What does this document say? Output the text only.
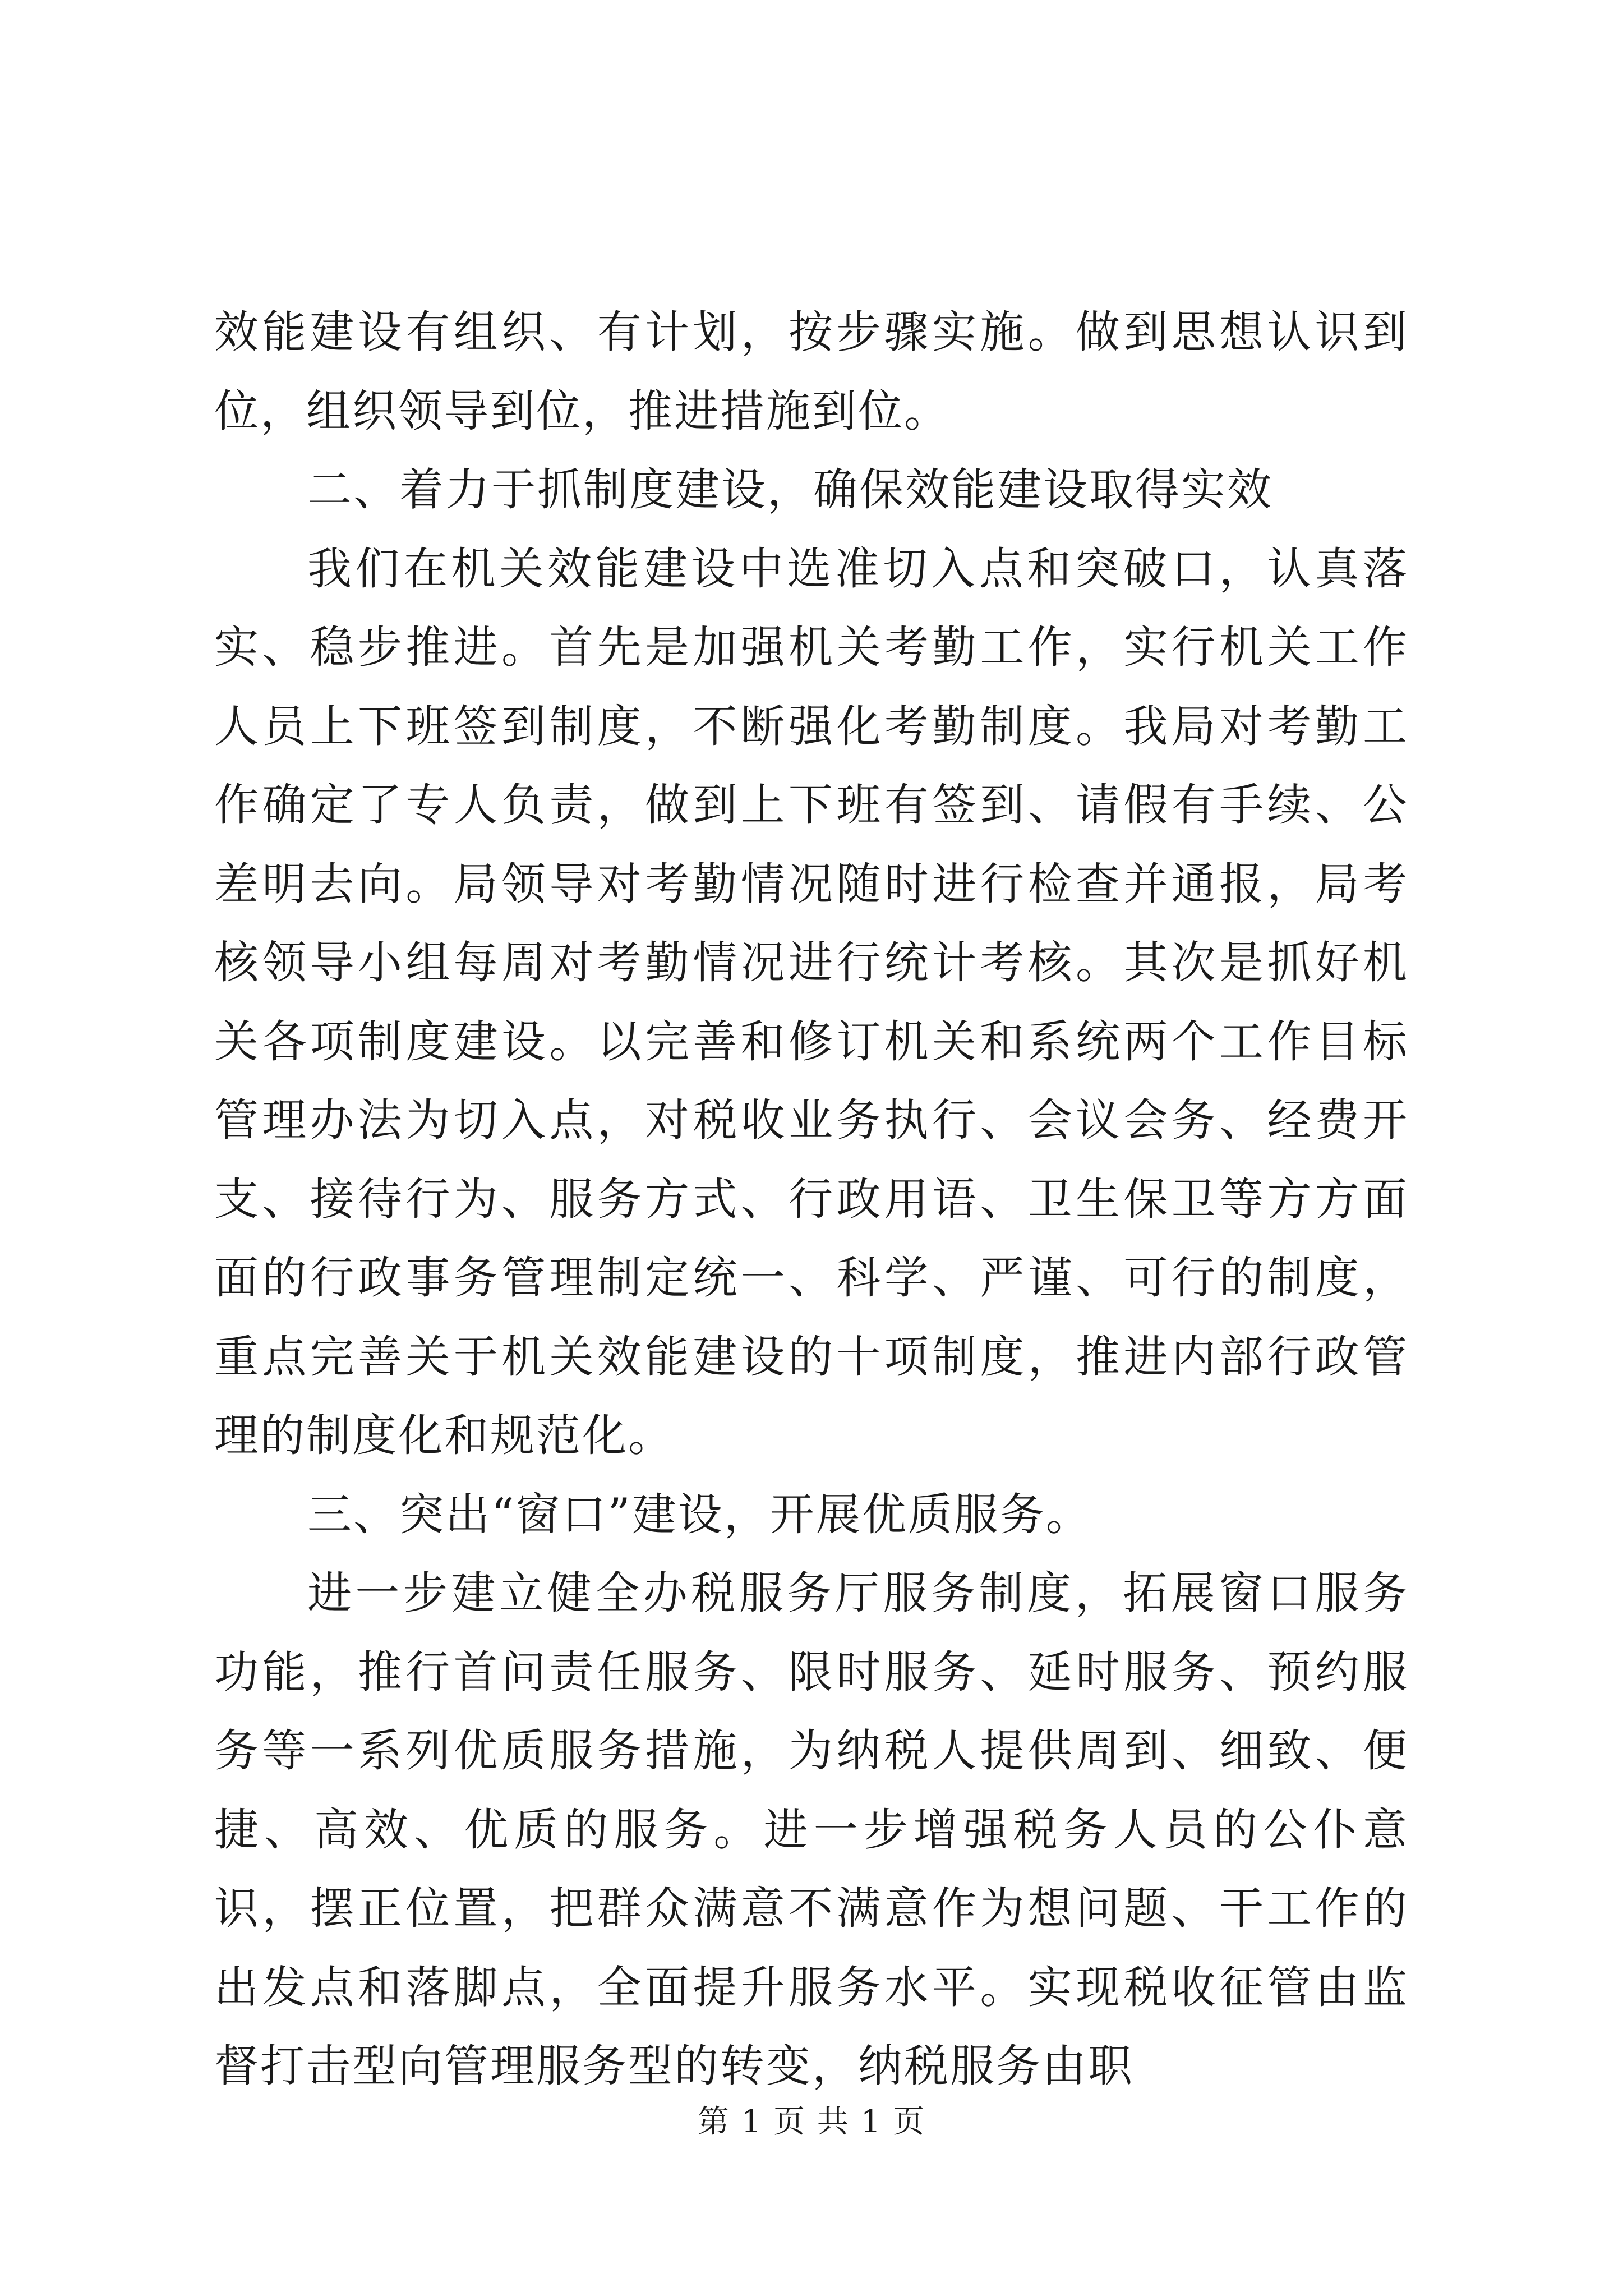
效能建设有组织、有计划，按步骤实施。做到思想认识到位，组织领导到位，推进措施到位。

二、着力于抓制度建设，确保效能建设取得实效

我们在机关效能建设中选准切入点和突破口，认真落实、稳步推进。首先是加强机关考勤工作，实行机关工作人员上下班签到制度，不断强化考勤制度。我局对考勤工作确定了专人负责，做到上下班有签到、请假有手续、公差明去向。局领导对考勤情况随时进行检查并通报，局考核领导小组每周对考勤情况进行统计考核。其次是抓好机关各项制度建设。以完善和修订机关和系统两个工作目标管理办法为切入点，对税收业务执行、会议会务、经费开支、接待行为、服务方式、行政用语、卫生保卫等方方面面的行政事务管理制定统一、科学、严谨、可行的制度，重点完善关于机关效能建设的十项制度，推进内部行政管理的制度化和规范化。

三、突出“窗口”建设，开展优质服务。

进一步建立健全办税服务厅服务制度，拓展窗口服务功能，推行首问责任服务、限时服务、延时服务、预约服务等一系列优质服务措施，为纳税人提供周到、细致、便捷、高效、优质的服务。进一步增强税务人员的公仆意识，摆正位置，把群众满意不满意作为想问题、干工作的出发点和落脚点，全面提升服务水平。实现税收征管由监督打击型向管理服务型的转变，纳税服务由职

第 1 页 共 1 页
